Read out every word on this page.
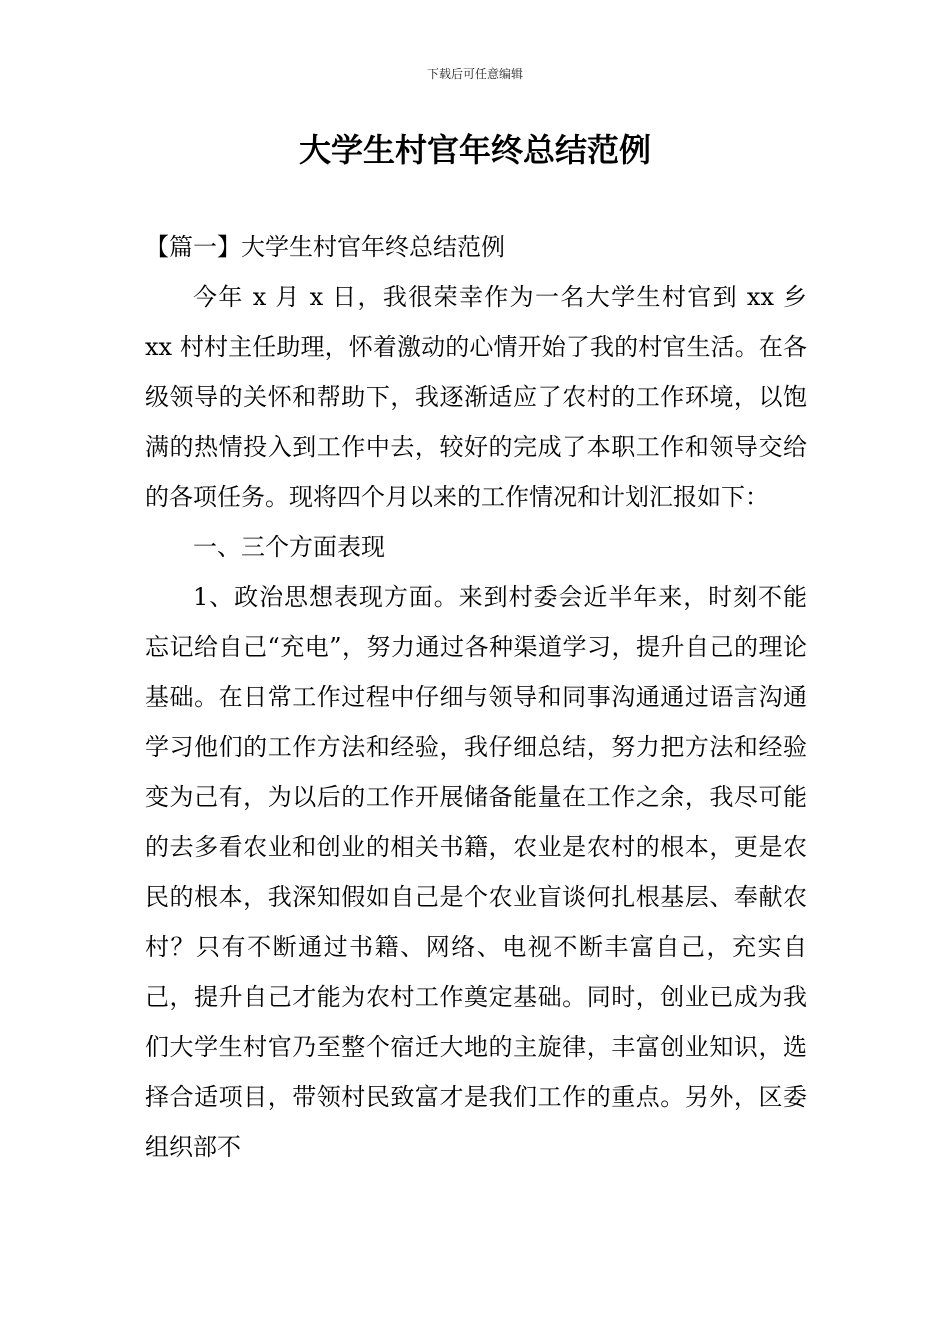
下载后可任意编辑
大学生村官年终总结范例

【篇一】大学生村官年终总结范例

今年 x 月 x 日，我很荣幸作为一名大学生村官到 xx 乡 xx 村村主任助理，怀着激动的心情开始了我的村官生活。在各级领导的关怀和帮助下，我逐渐适应了农村的工作环境，以饱满的热情投入到工作中去，较好的完成了本职工作和领导交给的各项任务。现将四个月以来的工作情况和计划汇报如下：

一、三个方面表现

1、政治思想表现方面。来到村委会近半年来，时刻不能忘记给自己“充电”，努力通过各种渠道学习，提升自己的理论基础。在日常工作过程中仔细与领导和同事沟通通过语言沟通学习他们的工作方法和经验，我仔细总结，努力把方法和经验变为己有，为以后的工作开展储备能量在工作之余，我尽可能的去多看农业和创业的相关书籍，农业是农村的根本，更是农民的根本，我深知假如自己是个农业盲谈何扎根基层、奉献农村？只有不断通过书籍、网络、电视不断丰富自己，充实自己，提升自己才能为农村工作奠定基础。同时，创业已成为我们大学生村官乃至整个宿迁大地的主旋律，丰富创业知识，选择合适项目，带领村民致富才是我们工作的重点。另外，区委组织部不
